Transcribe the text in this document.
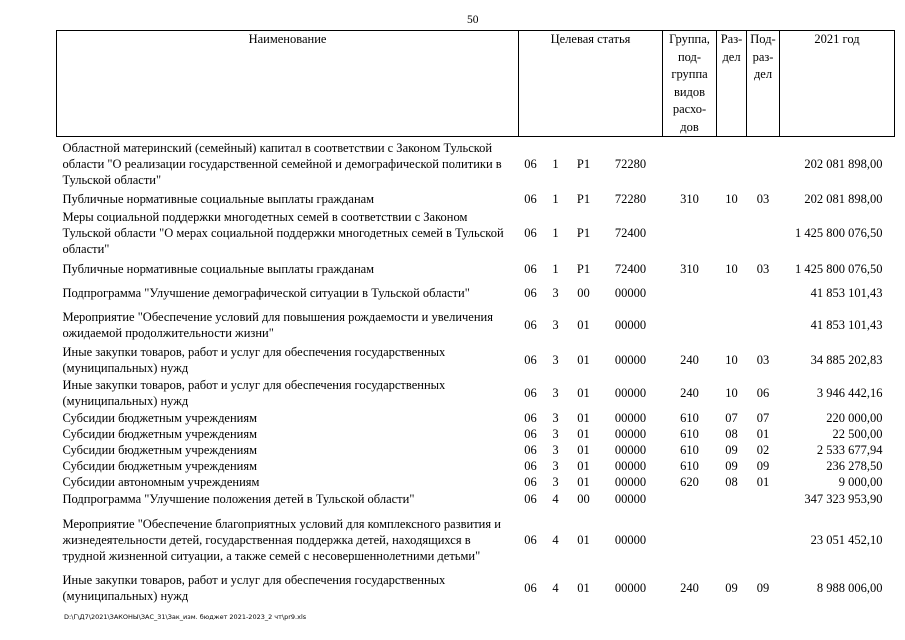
50
Наименование	Целевая статья				Группа, под- группа видов расхо- дов	Раз- дел	Под- раз- дел	2021 год
Областной материнский (семейный) капитал в соответствии с Законом Тульской области "О реализации государственной семейной и демографической политики в Тульской области"	06	1	Р1	72280				202 081 898,00
Публичные нормативные социальные выплаты гражданам	06	1	Р1	72280	310	10	03	202 081 898,00
Меры социальной поддержки многодетных семей в соответствии с Законом Тульской области "О мерах социальной поддержки многодетных семей в Тульской области"	06	1	Р1	72400				1 425 800 076,50
Публичные нормативные социальные выплаты гражданам	06	1	Р1	72400	310	10	03	1 425 800 076,50
Подпрограмма "Улучшение демографической ситуации в Тульской области"	06	3	00	00000				41 853 101,43
Мероприятие "Обеспечение условий для повышения рождаемости и увеличения ожидаемой продолжительности жизни"	06	3	01	00000				41 853 101,43
Иные закупки товаров, работ и услуг для обеспечения государственных (муниципальных) нужд	06	3	01	00000	240	10	03	34 885 202,83
Иные закупки товаров, работ и услуг для обеспечения государственных (муниципальных) нужд	06	3	01	00000	240	10	06	3 946 442,16
Субсидии бюджетным учреждениям	06	3	01	00000	610	07	07	220 000,00
Субсидии бюджетным учреждениям	06	3	01	00000	610	08	01	22 500,00
Субсидии бюджетным учреждениям	06	3	01	00000	610	09	02	2 533 677,94
Субсидии бюджетным учреждениям	06	3	01	00000	610	09	09	236 278,50
Субсидии автономным учреждениям	06	3	01	00000	620	08	01	9 000,00
Подпрограмма "Улучшение положения детей в Тульской области"	06	4	00	00000				347 323 953,90
Мероприятие "Обеспечение благоприятных условий для комплексного развития и жизнедеятельности детей, государственная поддержка детей, находящихся в трудной жизненной ситуации, а также семей с несовершеннолетними детьми"	06	4	01	00000				23 051 452,10
Иные закупки товаров, работ и услуг для обеспечения государственных (муниципальных) нужд	06	4	01	00000	240	09	09	8 988 006,00
D:\Г\Д7\2021\ЗАКОНЫ\ЗАС_31\Зак_изм. бюджет 2021-2023_2 чт\pr9.xls
